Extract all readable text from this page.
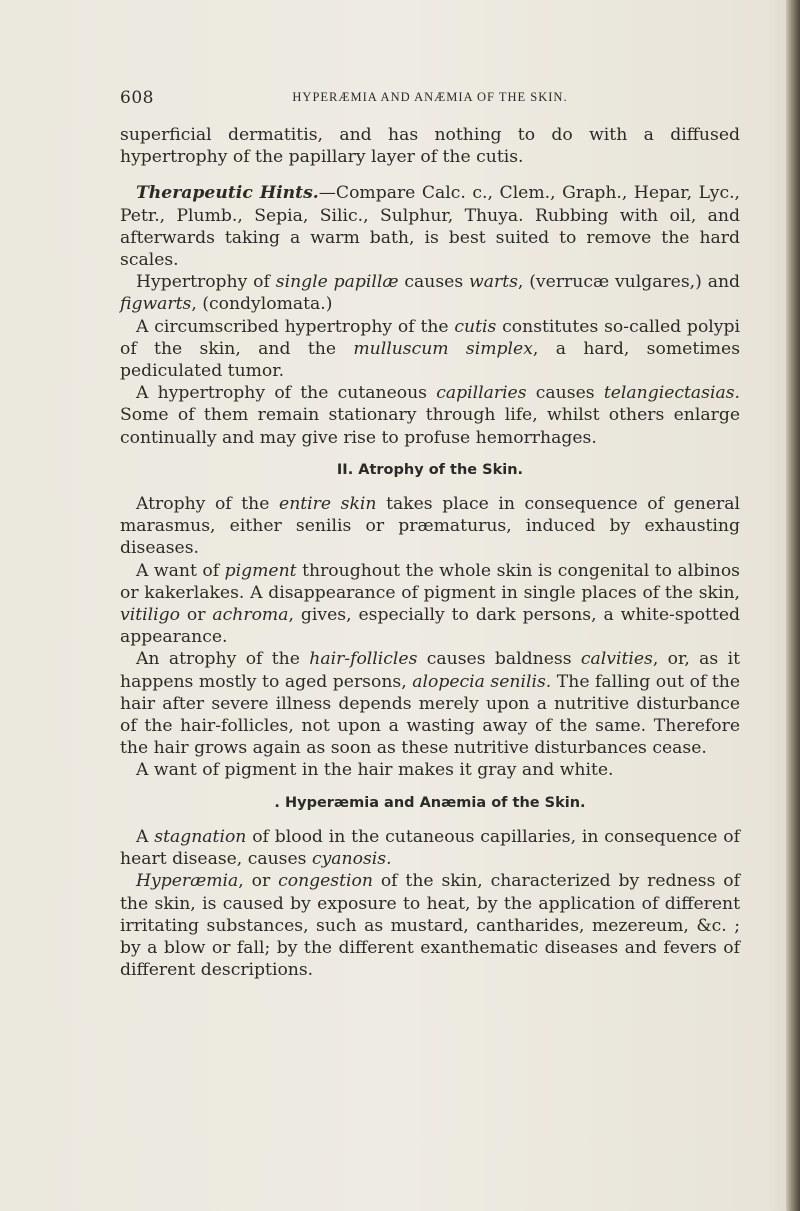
608	HYPERÆMIA AND ANÆMIA OF THE SKIN.

superficial dermatitis, and has nothing to do with a diffused hypertrophy of the papillary layer of the cutis.

Therapeutic Hints.—Compare Calc. c., Clem., Graph., Hepar, Lyc., Petr., Plumb., Sepia, Silic., Sulphur, Thuya. Rubbing with oil, and afterwards taking a warm bath, is best suited to remove the hard scales.

Hypertrophy of single papillæ causes warts, (verrucæ vulgares,) and figwarts, (condylomata.)

A circumscribed hypertrophy of the cutis constitutes so-called polypi of the skin, and the mulluscum simplex, a hard, sometimes pediculated tumor.

A hypertrophy of the cutaneous capillaries causes telangiectasias. Some of them remain stationary through life, whilst others enlarge continually and may give rise to profuse hemorrhages.

II. Atrophy of the Skin.

Atrophy of the entire skin takes place in consequence of general marasmus, either senilis or præmaturus, induced by exhausting diseases.

A want of pigment throughout the whole skin is congenital to albinos or kakerlakes. A disappearance of pigment in single places of the skin, vitiligo or achroma, gives, especially to dark persons, a white-spotted appearance.

An atrophy of the hair-follicles causes baldness calvities, or, as it happens mostly to aged persons, alopecia senilis. The falling out of the hair after severe illness depends merely upon a nutritive disturbance of the hair-follicles, not upon a wasting away of the same. Therefore the hair grows again as soon as these nutritive disturbances cease.

A want of pigment in the hair makes it gray and white.

. Hyperæmia and Anæmia of the Skin.

A stagnation of blood in the cutaneous capillaries, in consequence of heart disease, causes cyanosis.

Hyperæmia, or congestion of the skin, characterized by redness of the skin, is caused by exposure to heat, by the application of different irritating substances, such as mustard, cantharides, mezereum, &c. ; by a blow or fall; by the different exanthematic diseases and fevers of different descriptions.
